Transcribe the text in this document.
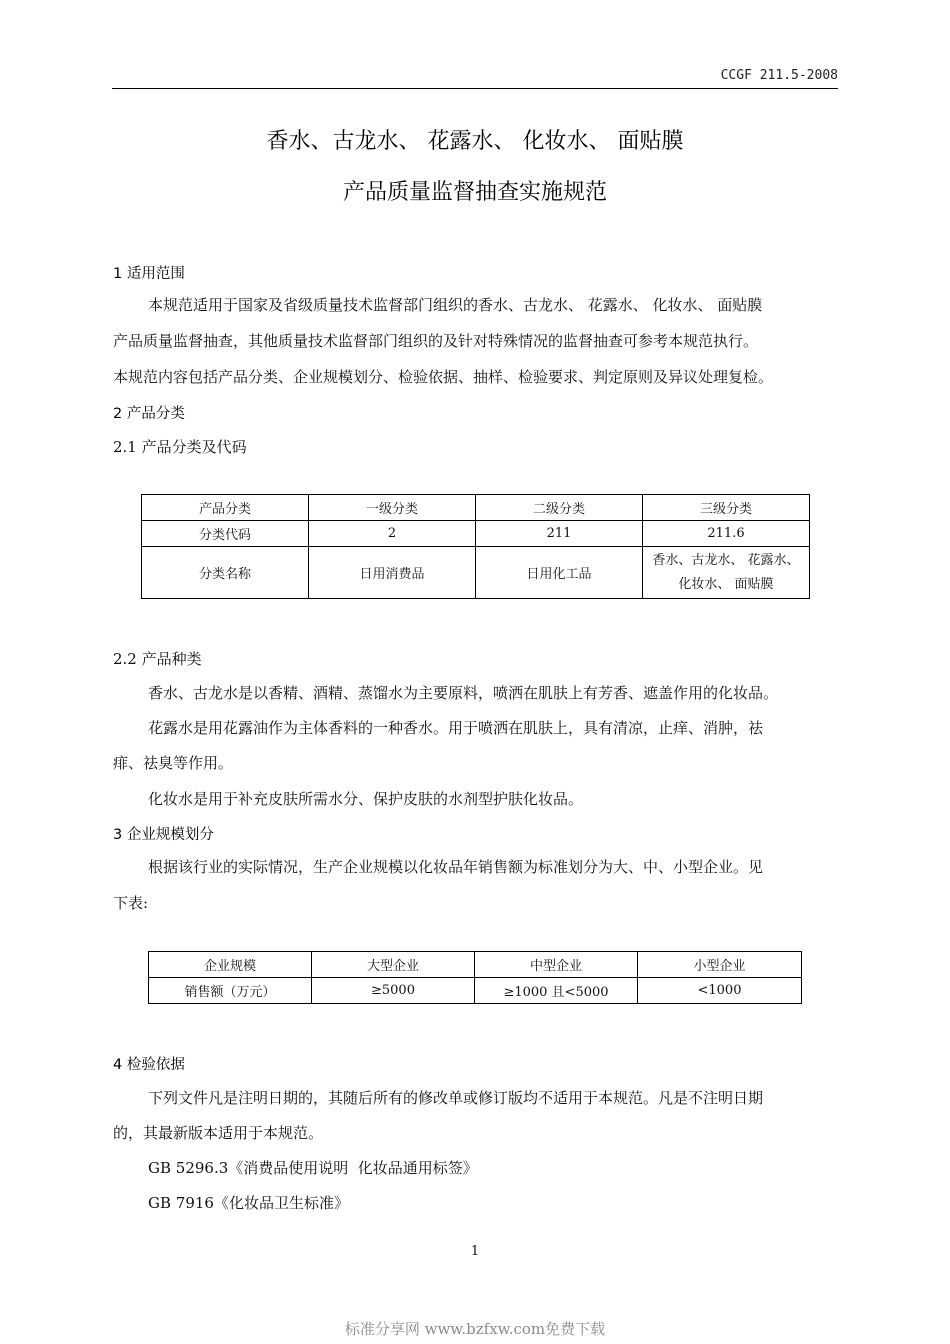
CCGF 211.5-2008
香水、古龙水、 花露水、 化妆水、 面贴膜
产品质量监督抽查实施规范
1 适用范围
本规范适用于国家及省级质量技术监督部门组织的香水、古龙水、 花露水、 化妆水、 面贴膜
产品质量监督抽查，其他质量技术监督部门组织的及针对特殊情况的监督抽查可参考本规范执行。
本规范内容包括产品分类、企业规模划分、检验依据、抽样、检验要求、判定原则及异议处理复检。
2 产品分类
2.1 产品分类及代码
产品分类	一级分类	二级分类	三级分类
分类代码	2	211	211.6
分类名称	日用消费品	日用化工品	香水、古龙水、 花露水、
化妆水、 面贴膜
2.2 产品种类
香水、古龙水是以香精、酒精、蒸馏水为主要原料，喷洒在肌肤上有芳香、遮盖作用的化妆品。
花露水是用花露油作为主体香料的一种香水。用于喷洒在肌肤上，具有清凉，止痒、消肿，祛
痱、祛臭等作用。
化妆水是用于补充皮肤所需水分、保护皮肤的水剂型护肤化妆品。
3 企业规模划分
根据该行业的实际情况，生产企业规模以化妆品年销售额为标准划分为大、中、小型企业。见
下表:
企业规模	大型企业	中型企业	小型企业
销售额（万元）	≥5000	≥1000 且<5000	<1000
4 检验依据
下列文件凡是注明日期的，其随后所有的修改单或修订版均不适用于本规范。凡是不注明日期
的，其最新版本适用于本规范。
GB 5296.3《消费品使用说明  化妆品通用标签》
GB 7916《化妆品卫生标准》
1
标准分享网 www.bzfxw.com免费下载
